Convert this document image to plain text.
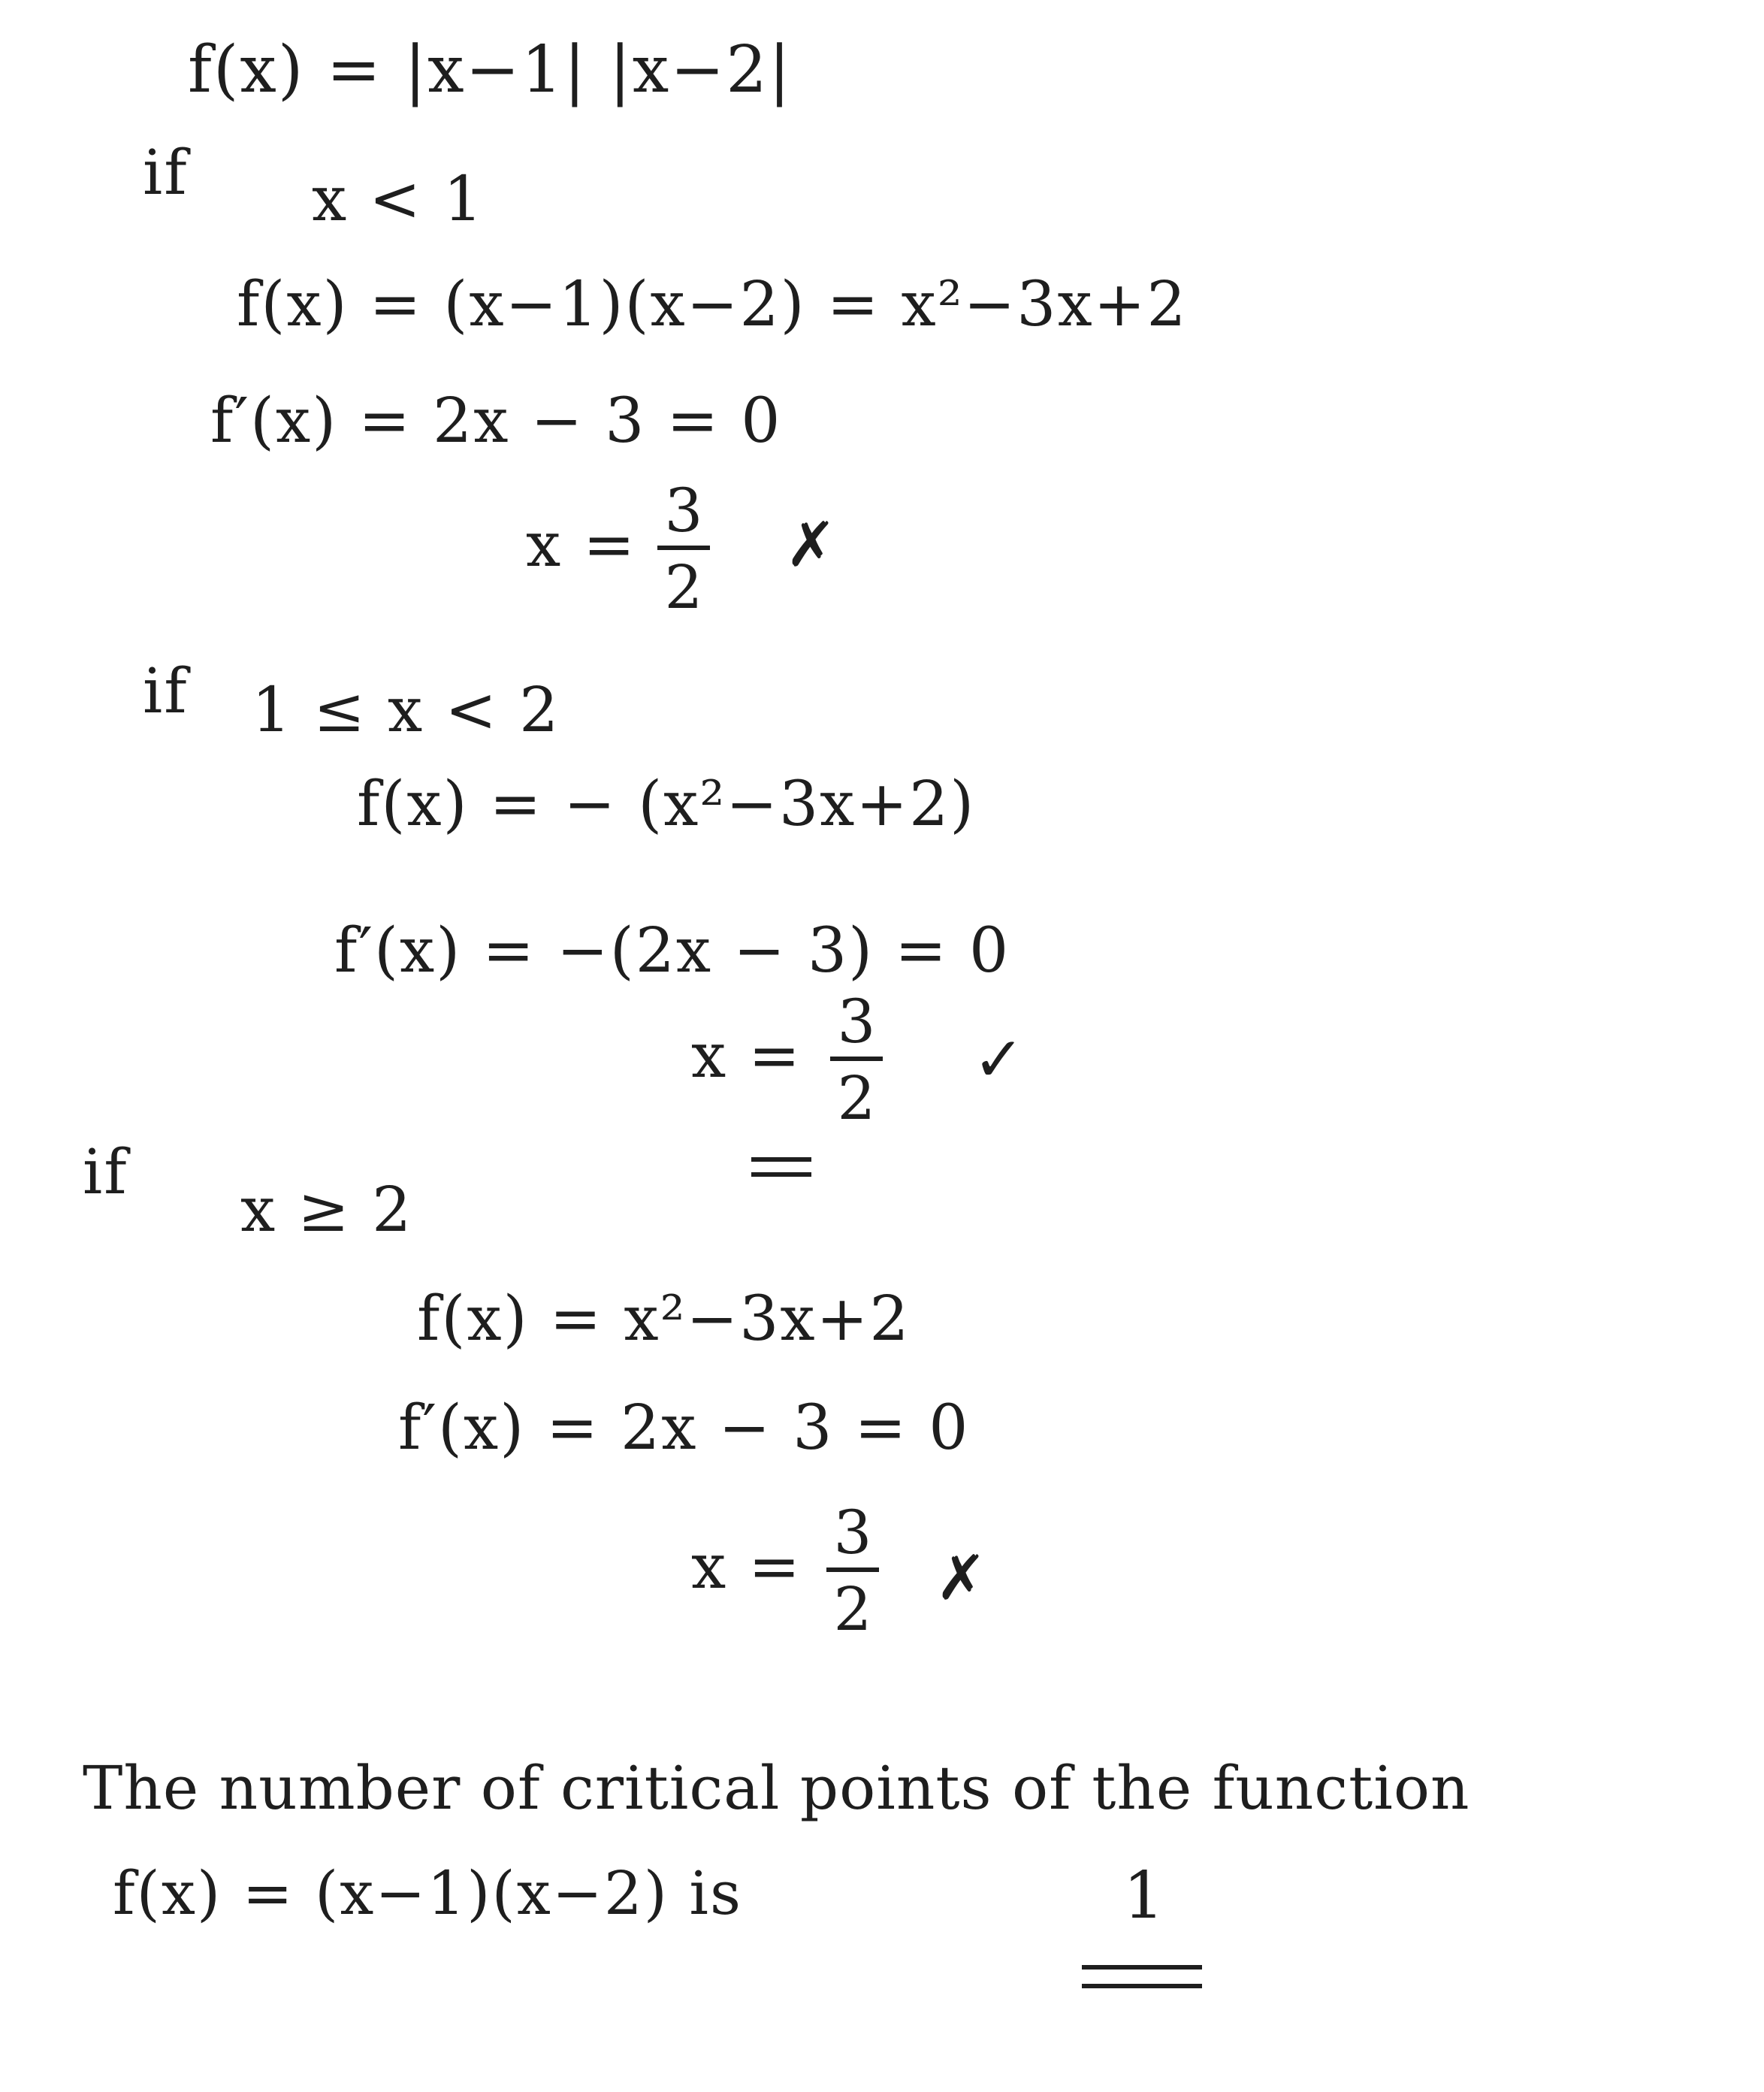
f(x) = |x−1| |x−2|
if x < 1
f(x) = (x−1)(x−2) = x²−3x+2
f′(x) = 2x − 3 = 0
x = 3
2
✗
if 1 ≤ x < 2
f(x) = − (x²−3x+2)
f′(x) = −(2x − 3) = 0
x = 3
2
✓
if
x ≥ 2
f(x) = x²−3x+2
f′(x) = 2x − 3 = 0
x = 3
2 ✗
The number of critical points of the function
f(x) = (x−1)(x−2) is	1
